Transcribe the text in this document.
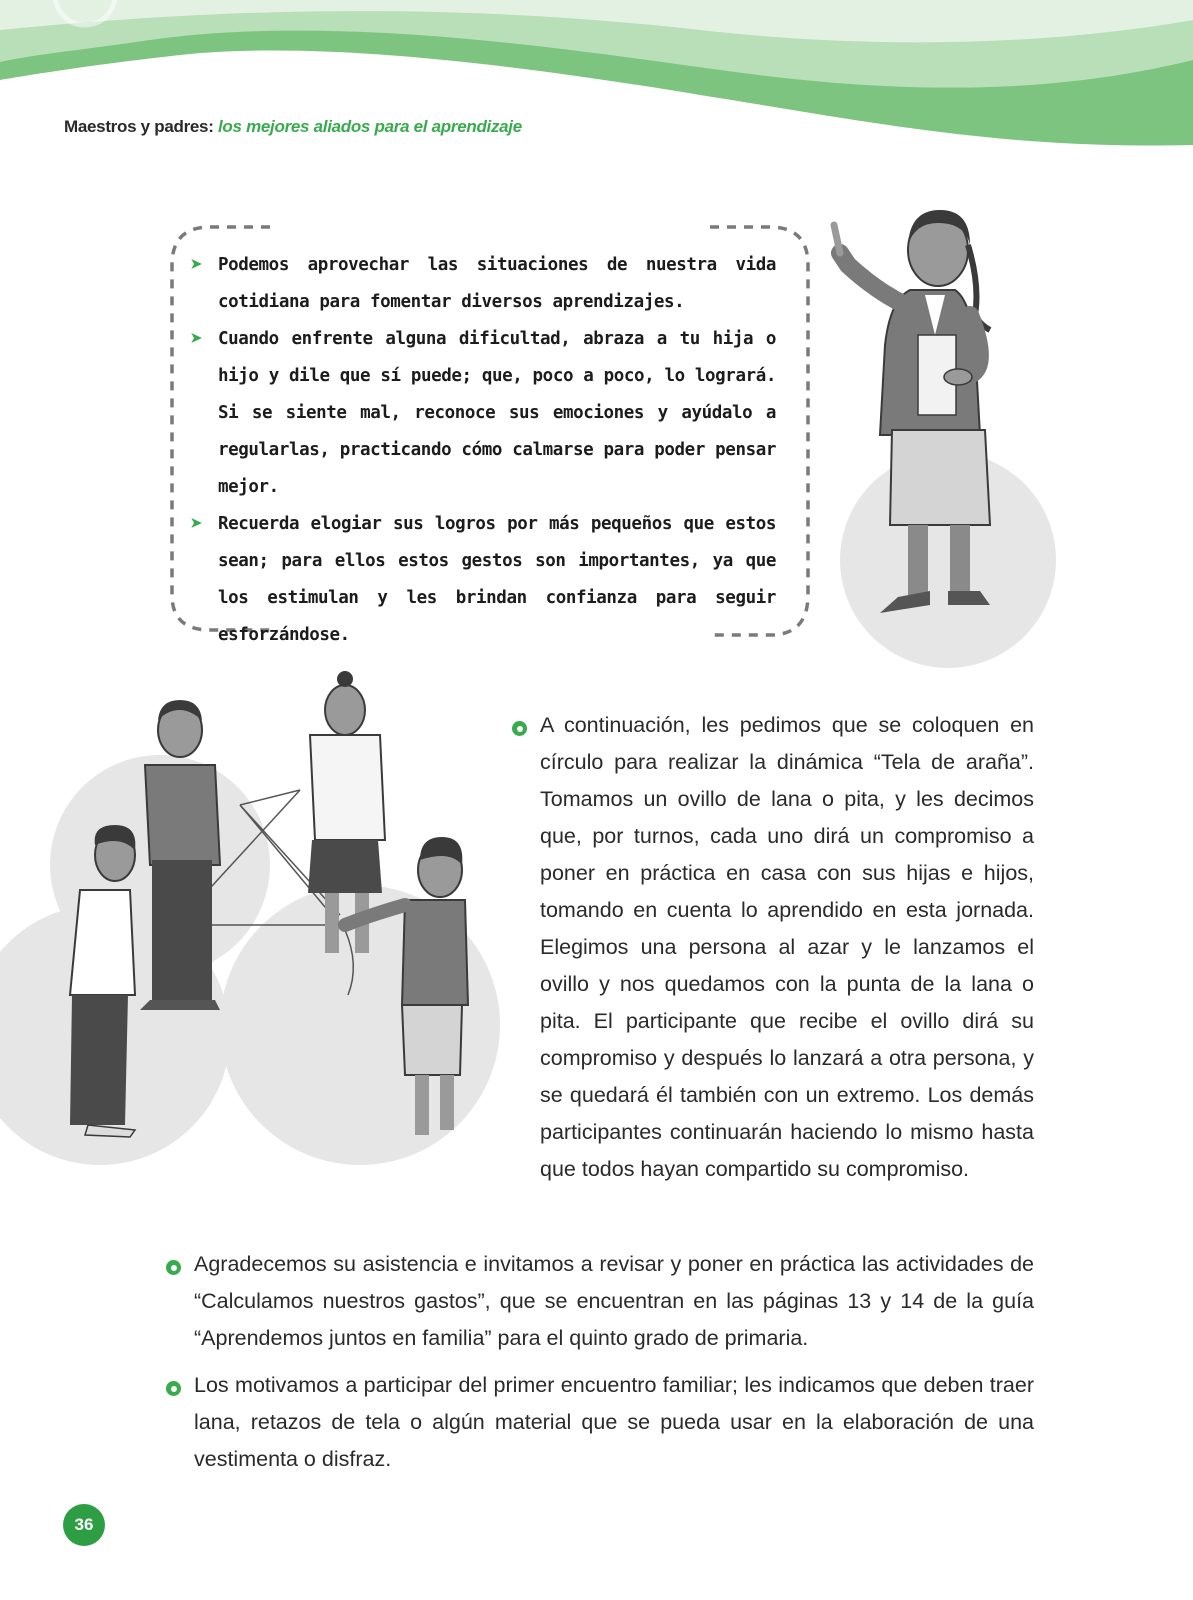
Maestros y padres: los mejores aliados para el aprendizaje
➤ Podemos aprovechar las situaciones de nuestra vida cotidiana para fomentar diversos aprendizajes.
➤ Cuando enfrente alguna dificultad, abraza a tu hija o hijo y dile que sí puede; que, poco a poco, lo logrará. Si se siente mal, reconoce sus emociones y ayúdalo a regularlas, practicando cómo calmarse para poder pensar mejor.
➤ Recuerda elogiar sus logros por más pequeños que estos sean; para ellos estos gestos son importantes, ya que los estimulan y les brindan confianza para seguir esforzándose.

A continuación, les pedimos que se coloquen en círculo para realizar la dinámica “Tela de araña”. Tomamos un ovillo de lana o pita, y les decimos que, por turnos, cada uno dirá un compromiso a poner en práctica en casa con sus hijas e hijos, tomando en cuenta lo aprendido en esta jornada. Elegimos una persona al azar y le lanzamos el ovillo y nos quedamos con la punta de la lana o pita. El participante que recibe el ovillo dirá su compromiso y después lo lanzará a otra persona, y se quedará él también con un extremo. Los demás participantes continuarán haciendo lo mismo hasta que todos hayan compartido su compromiso.

Agradecemos su asistencia e invitamos a revisar y poner en práctica las actividades de “Calculamos nuestros gastos”, que se encuentran en las páginas 13 y 14 de la guía “Aprendemos juntos en familia” para el quinto grado de primaria.

Los motivamos a participar del primer encuentro familiar; les indicamos que deben traer lana, retazos de tela o algún material que se pueda usar en la elaboración de una vestimenta o disfraz.

36
